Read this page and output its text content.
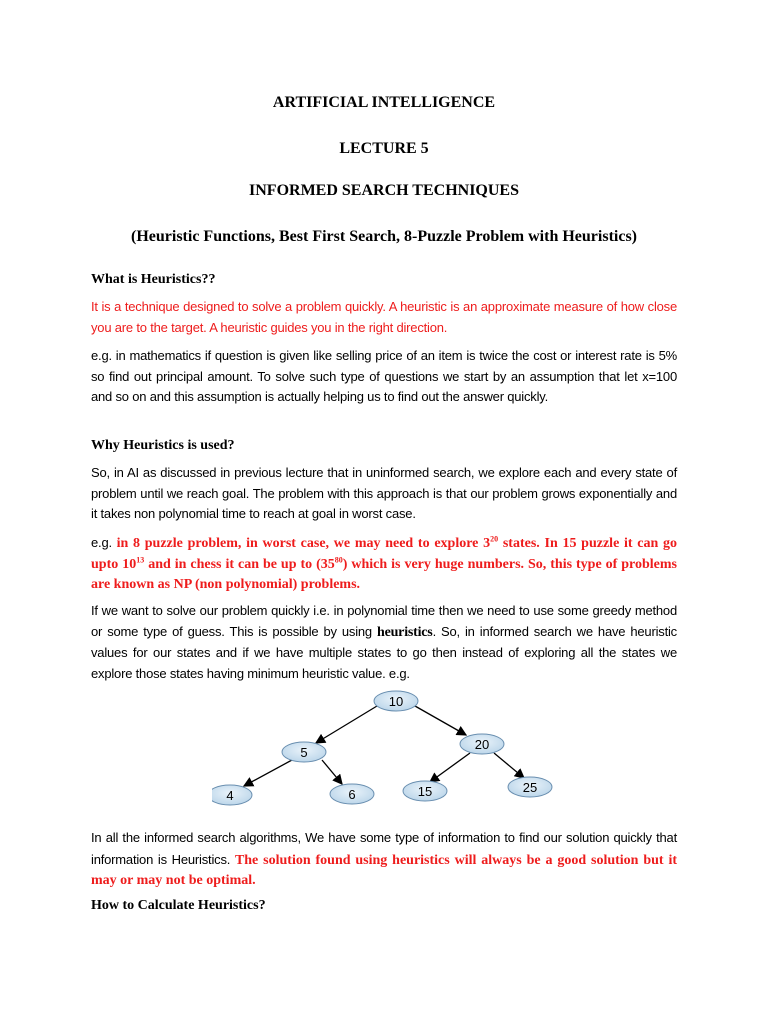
ARTIFICIAL INTELLIGENCE
LECTURE 5
INFORMED SEARCH TECHNIQUES
(Heuristic Functions, Best First Search, 8-Puzzle Problem with Heuristics)
What is Heuristics??
It is a technique designed to solve a problem quickly. A heuristic is an approximate measure of how close you are to the target. A heuristic guides you in the right direction.
e.g. in mathematics if question is given like selling price of an item is twice the cost or interest rate is 5% so find out principal amount. To solve such type of questions we start by an assumption that let x=100 and so on and this assumption is actually helping us to find out the answer quickly.
Why Heuristics is used?
So, in AI as discussed in previous lecture that in uninformed search, we explore each and every state of problem until we reach goal. The problem with this approach is that our problem grows exponentially and it takes non polynomial time to reach at goal in worst case.
e.g. in 8 puzzle problem, in worst case, we may need to explore $3^{20}$ states. In 15 puzzle it can go upto $10^{13}$ and in chess it can be up to $(35^{80})$ which is very huge numbers. So, this type of problems are known as NP (non polynomial) problems.
If we want to solve our problem quickly i.e. in polynomial time then we need to use some greedy method or some type of guess. This is possible by using heuristics. So, in informed search we have heuristic values for our states and if we have multiple states to go then instead of exploring all the states we explore those states having minimum heuristic value. e.g.
10
5
20
4	6	15	25
In all the informed search algorithms, We have some type of information to find our solution quickly that information is Heuristics. The solution found using heuristics will always be a good solution but it may or may not be optimal.
How to Calculate Heuristics?
